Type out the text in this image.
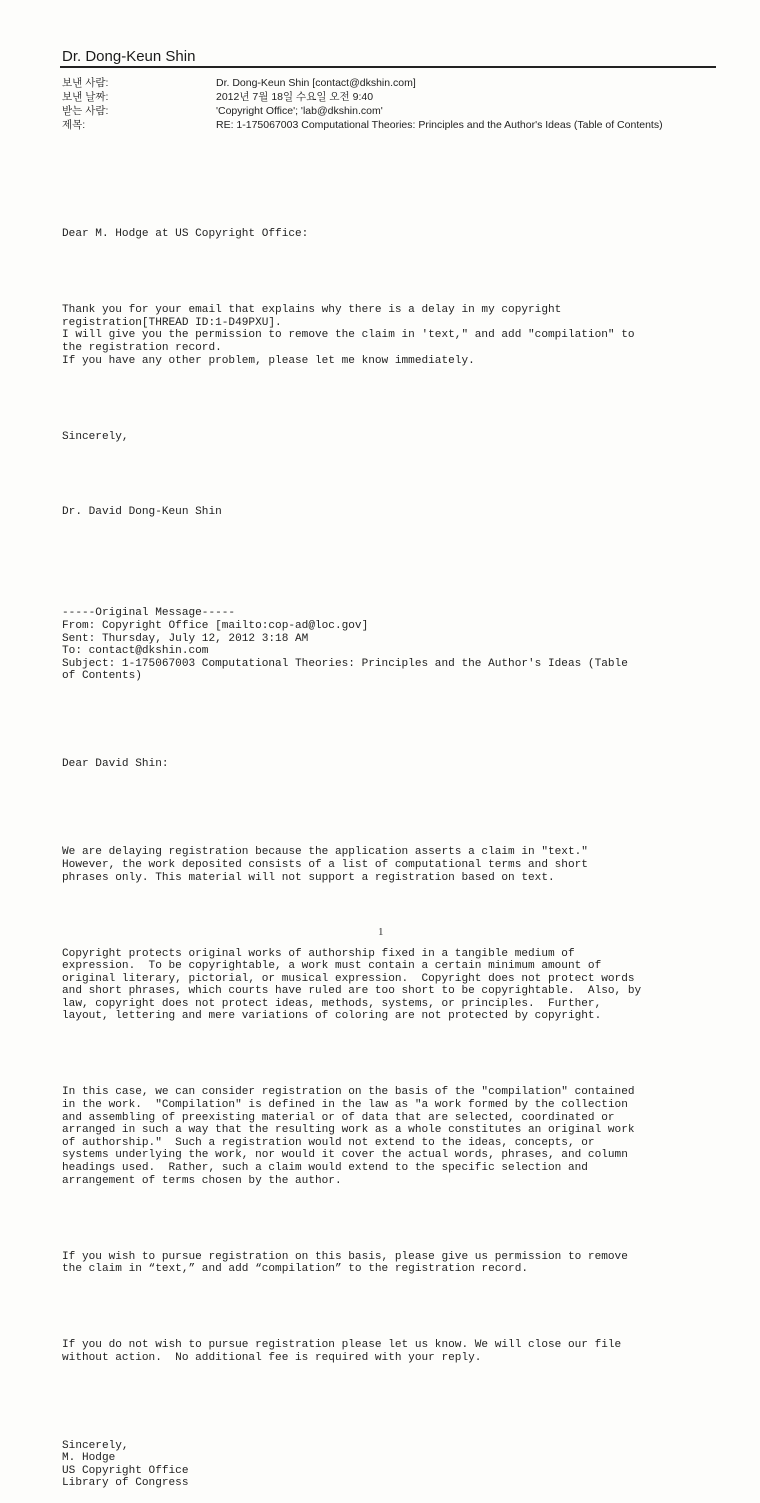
Dr. Dong-Keun Shin
보낸 사람:	Dr. Dong-Keun Shin [contact@dkshin.com]
보낸 날짜:	2012년 7월 18일 수요일 오전 9:40
받는 사람:	'Copyright Office'; 'lab@dkshin.com'
제목:	RE: 1-175067003 Computational Theories: Principles and the Author's Ideas (Table of Contents)

Dear M. Hodge at US Copyright Office:

Thank you for your email that explains why there is a delay in my copyright
registration[THREAD ID:1-D49PXU].
I will give you the permission to remove the claim in 'text," and add "compilation" to
the registration record.
If you have any other problem, please let me know immediately.

Sincerely,

Dr. David Dong-Keun Shin

-----Original Message-----
From: Copyright Office [mailto:cop-ad@loc.gov]
Sent: Thursday, July 12, 2012 3:18 AM
To: contact@dkshin.com
Subject: 1-175067003 Computational Theories: Principles and the Author's Ideas (Table
of Contents)

Dear David Shin:

We are delaying registration because the application asserts a claim in "text."
However, the work deposited consists of a list of computational terms and short
phrases only. This material will not support a registration based on text.

Copyright protects original works of authorship fixed in a tangible medium of
expression.  To be copyrightable, a work must contain a certain minimum amount of
original literary, pictorial, or musical expression.  Copyright does not protect words
and short phrases, which courts have ruled are too short to be copyrightable.  Also, by
law, copyright does not protect ideas, methods, systems, or principles.  Further,
layout, lettering and mere variations of coloring are not protected by copyright.

In this case, we can consider registration on the basis of the "compilation" contained
in the work.  "Compilation" is defined in the law as "a work formed by the collection
and assembling of preexisting material or of data that are selected, coordinated or
arranged in such a way that the resulting work as a whole constitutes an original work
of authorship."  Such a registration would not extend to the ideas, concepts, or
systems underlying the work, nor would it cover the actual words, phrases, and column
headings used.  Rather, such a claim would extend to the specific selection and
arrangement of terms chosen by the author.

If you wish to pursue registration on this basis, please give us permission to remove
the claim in “text,” and add “compilation” to the registration record.

If you do not wish to pursue registration please let us know. We will close our file
without action.  No additional fee is required with your reply.

Sincerely,
M. Hodge
US Copyright Office
Library of Congress

1
